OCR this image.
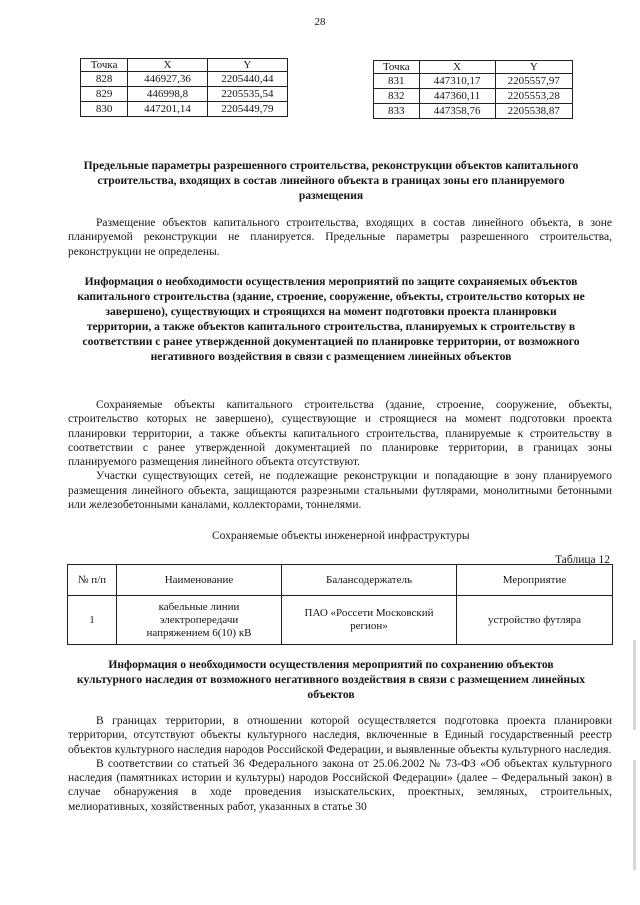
28
Точка	X	Y
828	446927,36	2205440,44
829	446998,8	2205535,54
830	447201,14	2205449,79
Точка	X	Y
831	447310,17	2205557,97
832	447360,11	2205553,28
833	447358,76	2205538,87
Предельные параметры разрешенного строительства, реконструкции объектов капитального строительства, входящих в состав линейного объекта в границах зоны его планируемого размещения

Размещение объектов капитального строительства, входящих в состав линейного объекта, в зоне планируемой реконструкции не планируется. Предельные параметры разрешенного строительства, реконструкции не определены.

Информация о необходимости осуществления мероприятий по защите сохраняемых объектов капитального строительства (здание, строение, сооружение, объекты, строительство которых не завершено), существующих и строящихся на момент подготовки проекта планировки территории, а также объектов капитального строительства, планируемых к строительству в соответствии с ранее утвержденной документацией по планировке территории, от возможного негативного воздействия в связи с размещением линейных объектов

Сохраняемые объекты капитального строительства (здание, строение, сооружение, объекты, строительство которых не завершено), существующие и строящиеся на момент подготовки проекта планировки территории, а также объекты капитального строительства, планируемые к строительству в соответствии с ранее утвержденной документацией по планировке территории, в границах зоны планируемого размещения линейного объекта отсутствуют.

Участки существующих сетей, не подлежащие реконструкции и попадающие в зону планируемого размещения линейного объекта, защищаются разрезными стальными футлярами, монолитными бетонными или железобетонными каналами, коллекторами, тоннелями.

Сохраняемые объекты инженерной инфраструктуры
Таблица 12
№ п/п	Наименование	Балансодержатель	Мероприятие
1	кабельные линии электропередачи напряжением 6(10) кВ	ПАО «Россети Московский регион»	устройство футляра
Информация о необходимости осуществления мероприятий по сохранению объектов культурного наследия от возможного негативного воздействия в связи с размещением линейных объектов

В границах территории, в отношении которой осуществляется подготовка проекта планировки территории, отсутствуют объекты культурного наследия, включенные в Единый государственный реестр объектов культурного наследия народов Российской Федерации, и выявленные объекты культурного наследия.

В соответствии со статьей 36 Федерального закона от 25.06.2002 № 73-ФЗ «Об объектах культурного наследия (памятниках истории и культуры) народов Российской Федерации» (далее – Федеральный закон) в случае обнаружения в ходе проведения изыскательских, проектных, земляных, строительных, мелиоративных, хозяйственных работ, указанных в статье 30
